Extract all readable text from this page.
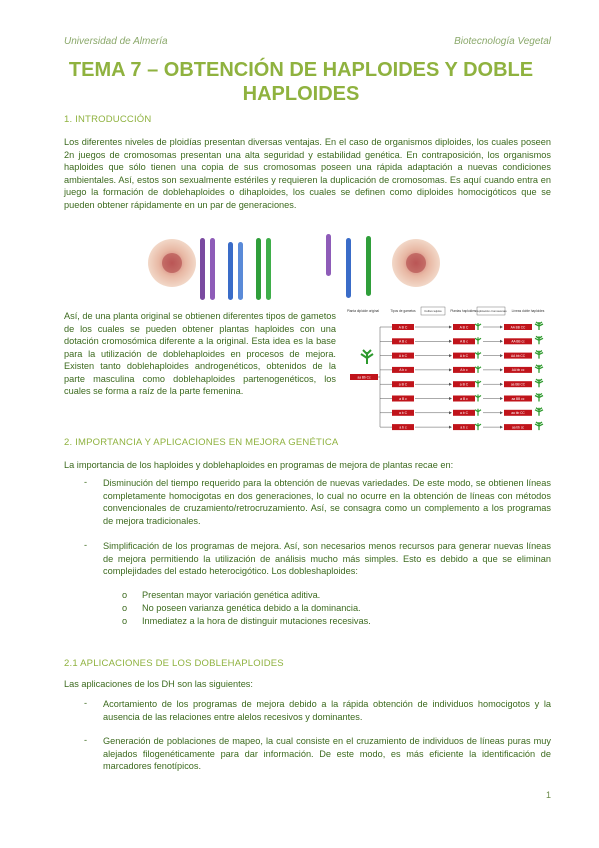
Universidad de Almería	Biotecnología Vegetal
TEMA 7 – OBTENCIÓN DE HAPLOIDES Y DOBLE HAPLOIDES
1. INTRODUCCIÓN
Los diferentes niveles de ploidías presentan diversas ventajas. En el caso de organismos diploides, los cuales poseen 2n juegos de cromosomas presentan una alta seguridad y estabilidad genética. En contraposición, los organismos haploides que sólo tienen una copia de sus cromosomas poseen una rápida adaptación a nuevas condiciones ambientales. Así, estos son sexualmente estériles y requieren la duplicación de cromosomas. Es aquí cuando entra en juego la formación de doblehaploides o dihaploides, los cuales se definen como diploides homocigóticos que se pueden obtener rápidamente en un par de generaciones.
Así, de una planta original se obtienen diferentes tipos de gametos de los cuales se pueden obtener plantas haploides con una dotación cromosómica diferente a la original. Esta idea es la base para la utilización de doblehaploides en procesos de mejora. Existen tanto doblehaploides androgenéticos, obtenidos de la parte masculina como doblehaploides partenogenéticos, los cuales se forma a raíz de la parte femenina.
Planta diploide original	Tipos de gametos	Plantas haploides	Líneas doble haploides
Cultivo tejidos	Duplicación cromosomas
aa Bb Cc
A B C	A B C	AA BB CC
A B c	A B c	AA BB cc
A b C	A b C	AA bb CC
A b c	A b c	AA bb cc
a B C	a B C	aa BB CC
a B c	a B c	aa BB cc
a b C	a b C	aa bb CC
a b c	a b c	aa bb cc
2. IMPORTANCIA Y APLICACIONES EN MEJORA GENÉTICA
La importancia de los haploides y doblehaploides en programas de mejora de plantas recae en:
- Disminución del tiempo requerido para la obtención de nuevas variedades. De este modo, se obtienen líneas completamente homocigotas en dos generaciones, lo cual no ocurre en la obtención de líneas con métodos convencionales de cruzamiento/retrocruzamiento. Así, se consagra como un complemento a los programas de mejora tradicionales.
- Simplificación de los programas de mejora. Así, son necesarios menos recursos para generar nuevas líneas de mejora permitiendo la utilización de análisis mucho más simples. Esto es debido a que se eliminan complejidades del estado heterocigótico. Los dobleshaploides:
o Presentan mayor variación genética aditiva.
o No poseen varianza genética debido a la dominancia.
o Inmediatez a la hora de distinguir mutaciones recesivas.
2.1 APLICACIONES DE LOS DOBLEHAPLOIDES
Las aplicaciones de los DH son las siguientes:
- Acortamiento de los programas de mejora debido a la rápida obtención de individuos homocigotos y la ausencia de las relaciones entre alelos recesivos y dominantes.
- Generación de poblaciones de mapeo, la cual consiste en el cruzamiento de individuos de líneas puras muy alejados filogenéticamente para dar información. De este modo, es más eficiente la identificación de marcadores fenotípicos.
1
